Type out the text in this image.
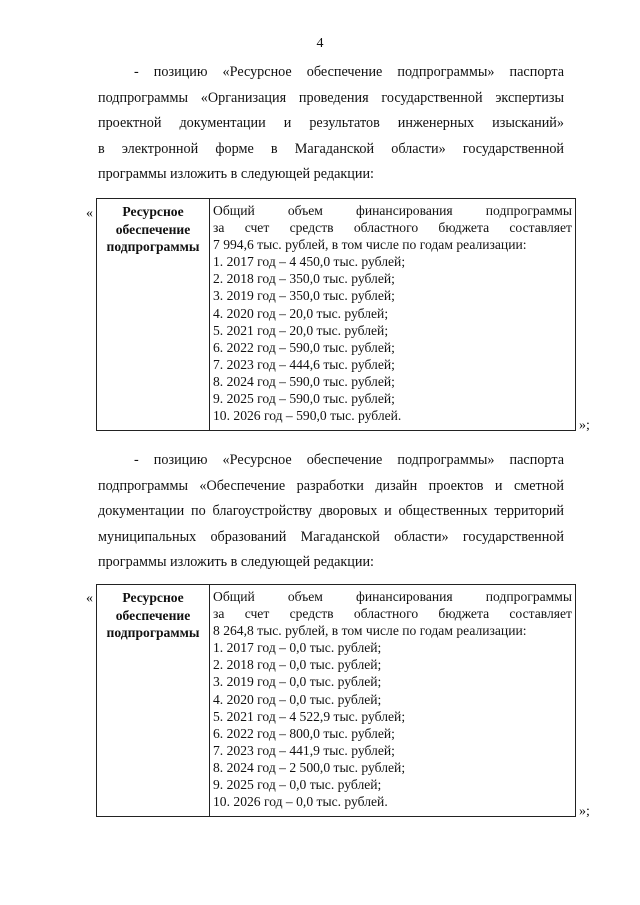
4
- позицию «Ресурсное обеспечение подпрограммы» паспорта
подпрограммы «Организация проведения государственной экспертизы
проектной документации и результатов инженерных изысканий»
в электронной форме в Магаданской области» государственной
программы изложить в следующей редакции:
«	Ресурсное
обеспечение
подпрограммы

Общий объем финансирования подпрограммы
за счет средств областного бюджета составляет
7 994,6 тыс. рублей, в том числе по годам реализации:
1. 2017 год – 4 450,0 тыс. рублей;
2. 2018 год – 350,0 тыс. рублей;
3. 2019 год – 350,0 тыс. рублей;
4. 2020 год – 20,0 тыс. рублей;
5. 2021 год – 20,0 тыс. рублей;
6. 2022 год – 590,0 тыс. рублей;
7. 2023 год – 444,6 тыс. рублей;
8. 2024 год – 590,0 тыс. рублей;
9. 2025 год – 590,0 тыс. рублей;
10. 2026 год – 590,0 тыс. рублей.
»;
- позицию «Ресурсное обеспечение подпрограммы» паспорта
подпрограммы «Обеспечение разработки дизайн проектов и сметной
документации по благоустройству дворовых и общественных территорий
муниципальных образований Магаданской области» государственной
программы изложить в следующей редакции:
«	Ресурсное
обеспечение
подпрограммы

Общий объем финансирования подпрограммы
за счет средств областного бюджета составляет
8 264,8 тыс. рублей, в том числе по годам реализации:
1. 2017 год – 0,0 тыс. рублей;
2. 2018 год – 0,0 тыс. рублей;
3. 2019 год – 0,0 тыс. рублей;
4. 2020 год – 0,0 тыс. рублей;
5. 2021 год – 4 522,9 тыс. рублей;
6. 2022 год – 800,0 тыс. рублей;
7. 2023 год – 441,9 тыс. рублей;
8. 2024 год – 2 500,0 тыс. рублей;
9. 2025 год – 0,0 тыс. рублей;
10. 2026 год – 0,0 тыс. рублей.
»;
